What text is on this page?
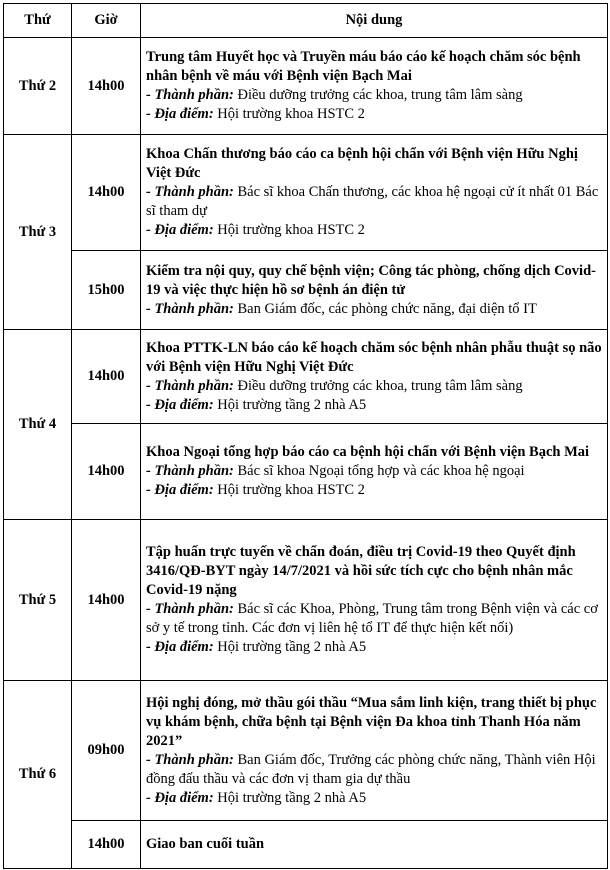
Thứ	Giờ	Nội dung
Thứ 2	14h00	Trung tâm Huyết học và Truyền máu báo cáo kế hoạch chăm sóc bệnh nhân bệnh về máu với Bệnh viện Bạch Mai
- Thành phần: Điều dưỡng trưởng các khoa, trung tâm lâm sàng
- Địa điểm: Hội trường khoa HSTC 2

Thứ 3	14h00	Khoa Chấn thương báo cáo ca bệnh hội chẩn với Bệnh viện Hữu Nghị Việt Đức
- Thành phần: Bác sĩ khoa Chấn thương, các khoa hệ ngoại cử ít nhất 01 Bác sĩ tham dự
- Địa điểm: Hội trường khoa HSTC 2

	15h00	Kiểm tra nội quy, quy chế bệnh viện; Công tác phòng, chống dịch Covid-19 và việc thực hiện hồ sơ bệnh án điện tử
- Thành phần: Ban Giám đốc, các phòng chức năng, đại diện tổ IT

Thứ 4	14h00	Khoa PTTK-LN báo cáo kế hoạch chăm sóc bệnh nhân phẫu thuật sọ não với Bệnh viện Hữu Nghị Việt Đức
- Thành phần: Điều dưỡng trưởng các khoa, trung tâm lâm sàng
- Địa điểm: Hội trường tầng 2 nhà A5

	14h00	Khoa Ngoại tổng hợp báo cáo ca bệnh hội chẩn với Bệnh viện Bạch Mai
- Thành phần: Bác sĩ khoa Ngoại tổng hợp và các khoa hệ ngoại
- Địa điểm: Hội trường khoa HSTC 2

Thứ 5	14h00	Tập huấn trực tuyến về chẩn đoán, điều trị Covid-19 theo Quyết định 3416/QĐ-BYT ngày 14/7/2021 và hồi sức tích cực cho bệnh nhân mắc Covid-19 nặng
- Thành phần: Bác sĩ các Khoa, Phòng, Trung tâm trong Bệnh viện và các cơ sở y tế trong tỉnh. Các đơn vị liên hệ tổ IT để thực hiện kết nối)
- Địa điểm: Hội trường tầng 2 nhà A5

Thứ 6	09h00	Hội nghị đóng, mở thầu gói thầu “Mua sắm linh kiện, trang thiết bị phục vụ khám bệnh, chữa bệnh tại Bệnh viện Đa khoa tỉnh Thanh Hóa năm 2021”
- Thành phần: Ban Giám đốc, Trưởng các phòng chức năng, Thành viên Hội đồng đấu thầu và các đơn vị tham gia dự thầu
- Địa điểm: Hội trường tầng 2 nhà A5

	14h00	Giao ban cuối tuần
